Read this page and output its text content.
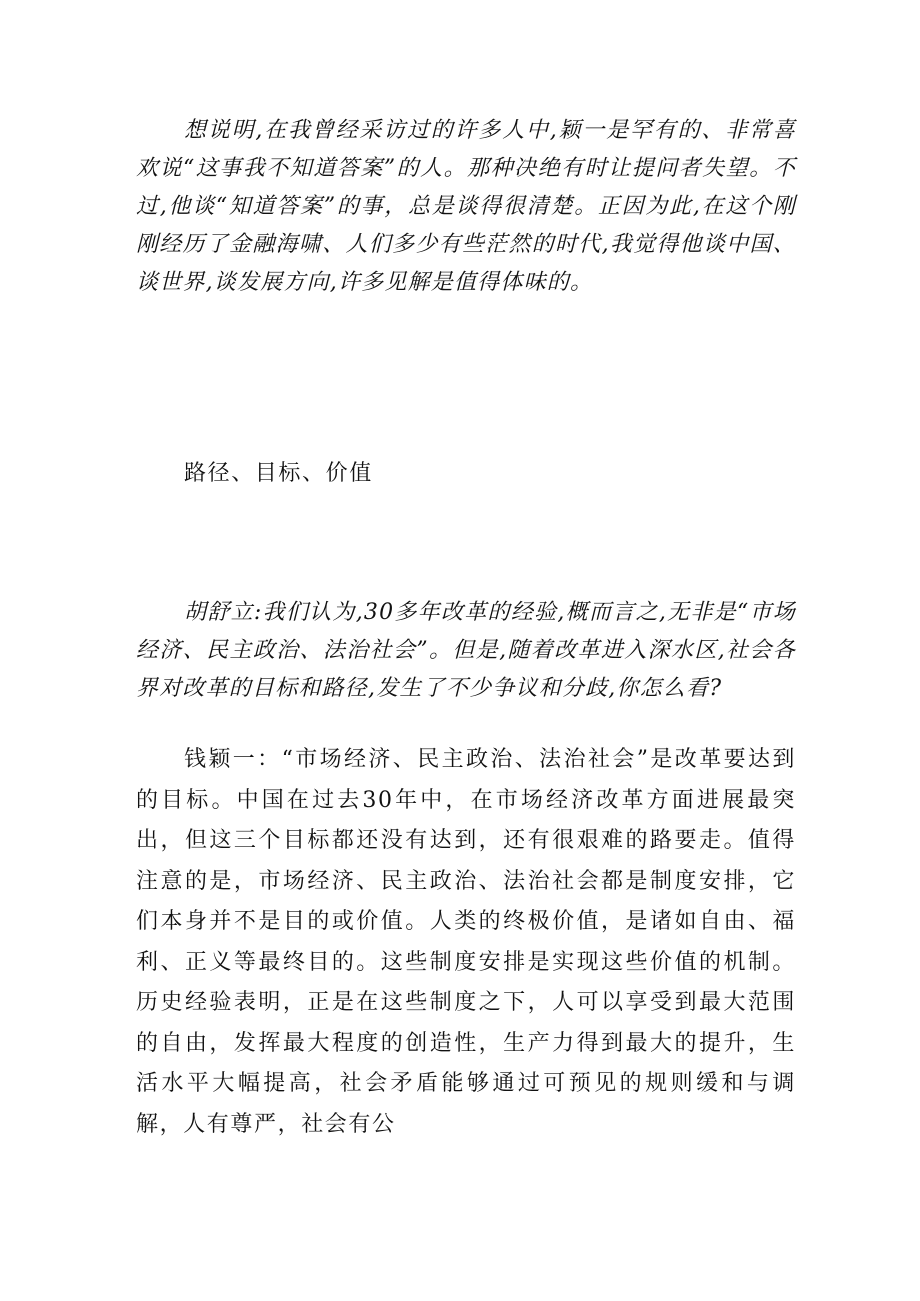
想说明,在我曾经采访过的许多人中,颖一是罕有的、非常喜欢说“这事我不知道答案”的人。那种决绝有时让提问者失望。不过,他谈“知道答案”的事，总是谈得很清楚。正因为此,在这个刚刚经历了金融海啸、人们多少有些茫然的时代,我觉得他谈中国、谈世界,谈发展方向,许多见解是值得体味的。

路径、目标、价值

胡舒立:我们认为,30多年改革的经验,概而言之,无非是“市场经济、民主政治、法治社会”。但是,随着改革进入深水区,社会各界对改革的目标和路径,发生了不少争议和分歧,你怎么看?

钱颖一：“市场经济、民主政治、法治社会”是改革要达到的目标。中国在过去30年中，在市场经济改革方面进展最突出，但这三个目标都还没有达到，还有很艰难的路要走。值得注意的是，市场经济、民主政治、法治社会都是制度安排，它们本身并不是目的或价值。人类的终极价值，是诸如自由、福利、正义等最终目的。这些制度安排是实现这些价值的机制。历史经验表明，正是在这些制度之下，人可以享受到最大范围的自由，发挥最大程度的创造性，生产力得到最大的提升，生活水平大幅提高，社会矛盾能够通过可预见的规则缓和与调解，人有尊严，社会有公
